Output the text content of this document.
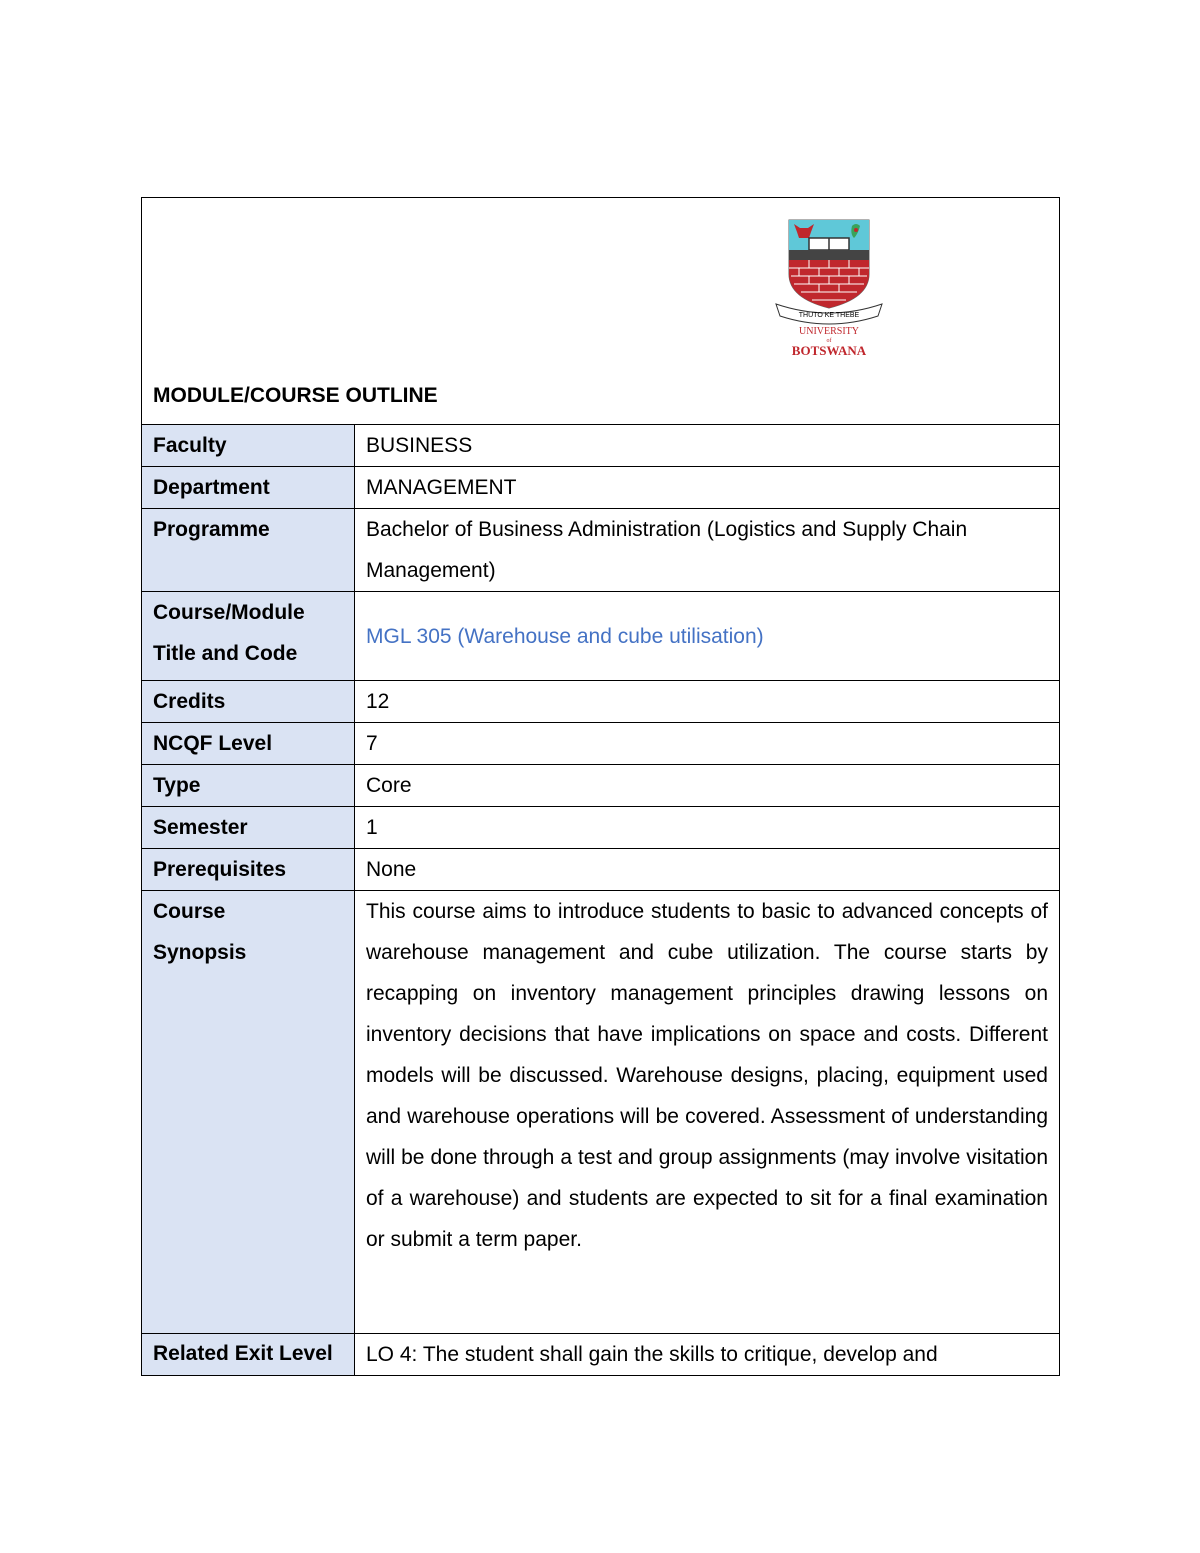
THUTO KE THEBE
UNIVERSITY
of
BOTSWANA
MODULE/COURSE OUTLINE	

Faculty	BUSINESS
Department	MANAGEMENT
Programme	Bachelor of Business Administration (Logistics and Supply Chain Management)
Course/Module Title and Code	MGL 305 (Warehouse and cube utilisation)
Credits	12
NCQF Level	7
Type	Core
Semester	1
Prerequisites	None
Course Synopsis	This course aims to introduce students to basic to advanced concepts of warehouse management and cube utilization. The course starts by recapping on inventory management principles drawing lessons on inventory decisions that have implications on space and costs. Different models will be discussed. Warehouse designs, placing, equipment used and warehouse operations will be covered. Assessment of understanding will be done through a test and group assignments (may involve visitation of a warehouse) and students are expected to sit for a final examination or submit a term paper.
Related Exit Level	LO 4: The student shall gain the skills to critique, develop and
